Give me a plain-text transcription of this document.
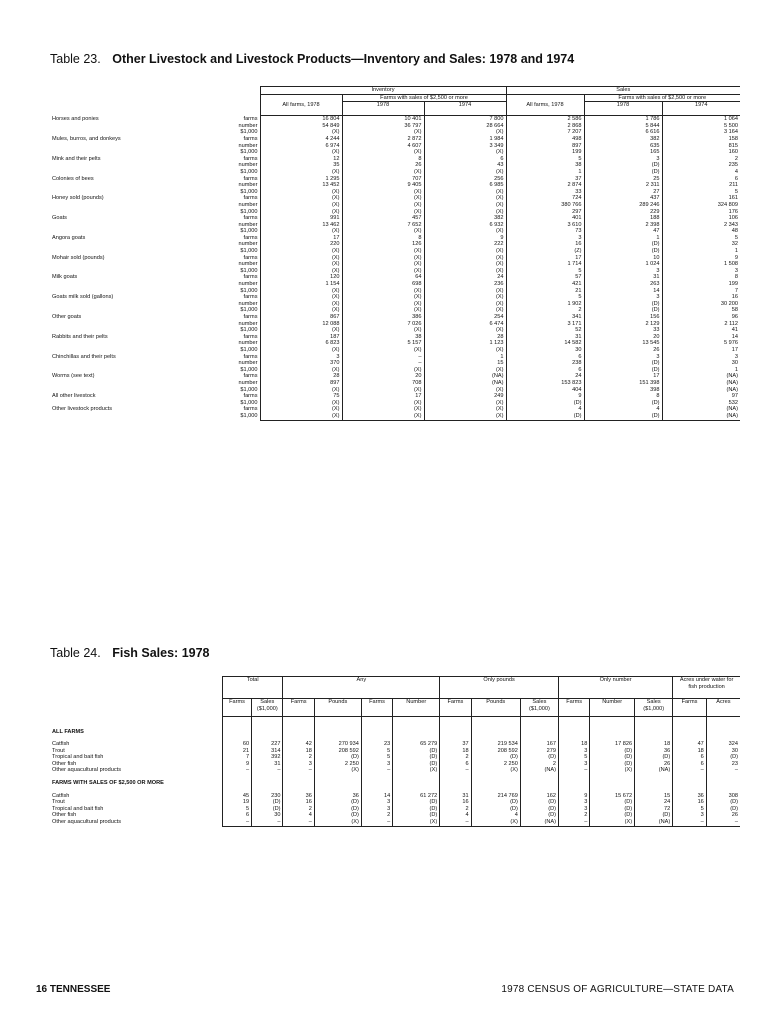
Table 23. Other Livestock and Livestock Products—Inventory and Sales: 1978 and 1974
		Inventory			Sales		
			Farms with sales of $2,500 or more			Farms with sales of $2,500 or more	
		All farms, 1978	1978	1974	All farms, 1978	1978	1974
Horses and ponies	farms	16 804	10 401	7 800	2 586	1 786	1 064
	number	54 849	36 797	28 664	2 868	5 844	5 500
	$1,000	(X)	(X)	(X)	7 207	6 616	3 164
Mules, burros, and donkeys	farms	4 244	2 872	1 984	498	382	158
	number	6 974	4 607	3 349	897	635	815
	$1,000	(X)	(X)	(X)	199	165	160
Mink and their pelts	farms	12	8	6	5	3	2
	number	35	26	43	38	(D)	235
	$1,000	(X)	(X)	(X)	1	(D)	4

Colonies of bees	farms	1 295	707	256	37	25	6
	number	13 452	9 405	6 985	2 874	2 311	211
	$1,000	(X)	(X)	(X)	33	27	5
Honey sold (pounds)	farms	(X)	(X)	(X)	724	437	161
	number	(X)	(X)	(X)	380 766	289 246	324 809
	$1,000	(X)	(X)	(X)	297	229	176

Goats	farms	991	457	382	401	188	106
	number	13 462	7 652	6 932	3 610	2 398	2 343
	$1,000	(X)	(X)	(X)	73	47	48
Angora goats	farms	17	8	9	3	1	5
	number	220	126	222	16	(D)	32
	$1,000	(X)	(X)	(X)	(Z)	(D)	1
Mohair sold (pounds)	farms	(X)	(X)	(X)	17	10	9
	number	(X)	(X)	(X)	1 714	1 024	1 508
	$1,000	(X)	(X)	(X)	5	3	3

Milk goats	farms	120	64	24	57	31	8
	number	1 154	698	236	421	263	199
	$1,000	(X)	(X)	(X)	21	14	7
Goats milk sold (gallons)	farms	(X)	(X)	(X)	5	3	16
	number	(X)	(X)	(X)	1 902	(D)	30 200
	$1,000	(X)	(X)	(X)	2	(D)	58
Other goats	farms	867	386	254	341	156	96
	number	12 088	7 026	6 474	3 171	2 129	2 112
	$1,000	(X)	(X)	(X)	52	33	41

Rabbits and their pelts	farms	187	38	28	31	20	14
	number	6 823	5 157	1 123	14 582	13 545	5 976
	$1,000	(X)	(X)	(X)	30	26	17
Chinchillas and their pelts	farms	3	–	1	6	3	3
	number	370	–	15	238	(D)	30
	$1,000	(X)	(X)	(X)	6	(D)	1

Worms (see text)	farms	28	20	(NA)	24	17	(NA)
	number	897	708	(NA)	153 823	151 398	(NA)
	$1,000	(X)	(X)	(X)	404	398	(NA)
All other livestock	farms	75	17	249	9	8	97
	$1,000	(X)	(X)	(X)	(D)	(D)	532
Other livestock products	farms	(X)	(X)	(X)	4	4	(NA)
	$1,000	(X)	(X)	(X)	(D)	(D)	(NA)
Table 24. Fish Sales: 1978
	Total		Any				Only pounds			Only number			Acres under water for fish production	
	Farms	Sales ($1,000)	Farms	Pounds	Farms	Number	Farms	Pounds	Sales ($1,000)	Farms	Number	Sales ($1,000)	Farms	Acres

ALL FARMS														

Catfish	60	227	42	270 934	23	65 279	37	219 534	167	18	17 826	18	47	324
Trout	21	314	18	208 592	5	(D)	18	208 592	279	3	(D)	36	18	30
Tropical and bait fish	7	392	2	(D)	5	(D)	2	(D)	(D)	5	(D)	(D)	6	(D)
Other fish	9	31	3	2 250	3	(D)	6	2 250	2	3	(D)	26	6	23
Other aquacultural products	–	–	–	(X)	–	(X)	–	(X)	(NA)	–	(X)	(NA)	–	–

FARMS WITH SALES OF $2,500 OR MORE														

Catfish	45	230	36	36	14	61 272	31	214 769	162	9	15 672	15	36	308
Trout	19	(D)	16	(D)	3	(D)	16	(D)	(D)	3	(D)	24	16	(D)
Tropical and bait fish	5	(D)	2	(D)	3	(D)	2	(D)	(D)	3	(D)	72	5	(D)
Other fish	6	30	4	(D)	2	(D)	4	4	(D)	2	(D)	(D)	3	26
Other aquacultural products	–	–	–	(X)	–	(X)	–	(X)	(NA)	–	(X)	(NA)	–	–
16 TENNESSEE	1978 CENSUS OF AGRICULTURE—STATE DATA
